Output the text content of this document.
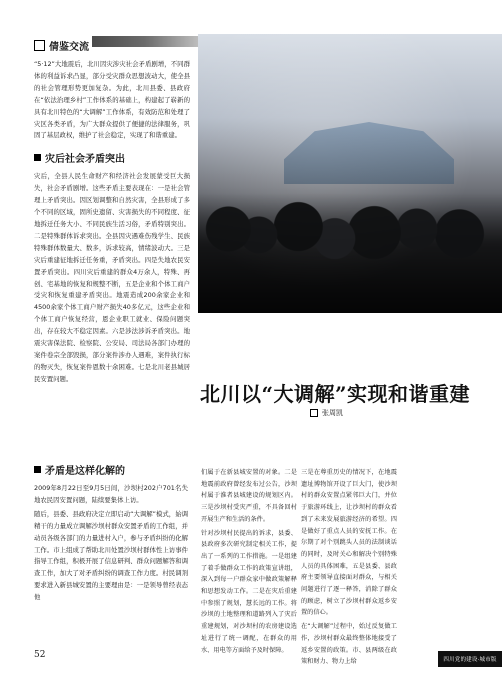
倩鉴交流
“5·12”大地震后，北川因灾涉灾社会矛盾剧增，不同群体的利益诉求凸显，部分受灾群众思想波动大，使全县的社会管理形势更加复杂。为此，北川县委、县政府在“依法治理乡村”工作体系的基础上，构建起了崭新的具有北川特色的“大调解”工作体系，有效防范和处理了灾区各类矛盾，为广大群众提供了便捷的法律服务，巩固了基层政权，维护了社会稳定，实现了和谐重建。
灾后社会矛盾突出
灾后，全县人民生命财产和经济社会发展蒙受巨大损失，社会矛盾剧增。这些矛盾主要表现在：一是社会管理上矛盾突出。因区划调整和自然灾害，全县形成了多个不同的区域，固所史遗留、灾害损失的不同程度、征地拆迁任务大小、不同民族生活习俗，矛盾特别突出。二是特殊群体诉求突出。全县因灾遇难伤残学生、民族特殊群体数量大、数多，诉求较高，情绪波动大。三是灾后重建征地拆迁任务重，矛盾突出。四是失地农民安置矛盾突出。四川灾后重建的群众4万余人，特殊、再创、宅基地的恢复和规整不断，五是企业和个体工商户受灾和恢复重建矛盾突出。地震造成200余家企业和4500余家个体工商户财产损失40多亿元，这些企业和个体工商户恢复经营，恩企业职工就业、保险问题突出，存在较大不稳定因素。六是涉法涉诉矛盾突出。地震灾害保法院、检察院、公安局、司法局各部门办理的案件卷宗全部毁损，部分案件涉办人遇难，案件执行标的物灭失，恢复案件恩数十余困难。七是北川老县城居民安置问题。
北川以“大调解”实现和谐重建
张周凯
矛盾是这样化解的
2009年8月22日至9月5日间，沙坝村202户701名失地农民因安置问题，陆续要集体上访。
随后，县委、县政府决定立即启动“大调解”模式，始调精干的力量成立调解沙坝村群众安置矛盾的工作组，并动员各级各部门的力量进村入户，参与矛盾纠纷的化解工作。市上组成了帮助北川处置沙坝村群体性上访事件指导工作组，积极开展了信息研判、群众问题解答和调查工作，加大了对矛盾纠纷的调查工作力度。村民调剂要求进入新县城安置的主要理由是：一是领导曾经表态他
们属于在新县城安置的对象。二是地震前政府曾经发布过公告，沙坝村属于淮者县城建设的规划区内。三是沙坝村受灾严重，不具备回村开展生产和生活的条件。
针对沙坝村民提出的诉求，县委、县政府多次研究制定相关工作，提出了一系列的工作措施。一是组建了着手做群众工作的政策宣讲组，深入到每一户群众家中做政策解释和思想发动工作。二是在灾后重建中参照了规划，慧长远的工作。将沙坝的土地整理和道路列入了灾后重建规划，对沙坝村的农房建设选址进行了统一调配，在群众的用水、用电等方面给予及时保障。
三是在尊重历史的情况下，在地震遗址博物馆开设了巨大门，使沙坝村的群众安置点紧邻巨大门，并位于旅游环线上，让沙坝村的群众看到了未来发展旅游经济的希望。四是做好了重点人员的安抚工作。在尔期了对个别跳头人员的法制谈话的同时，及时关心和解决个别特殊人员的具体困难，五是县委、县政府主要领导直接面对群众，与相关问题进行了逐一释答，消除了群众的顾虑，树立了沙坝村群众返乡安置的信心。
在“大调解”过程中，始过反复做工作，沙坝村群众最终整体地接受了返乡安置的政策。市、县两级在政策和财力、物力上给
52	四川党的建设·城市版
